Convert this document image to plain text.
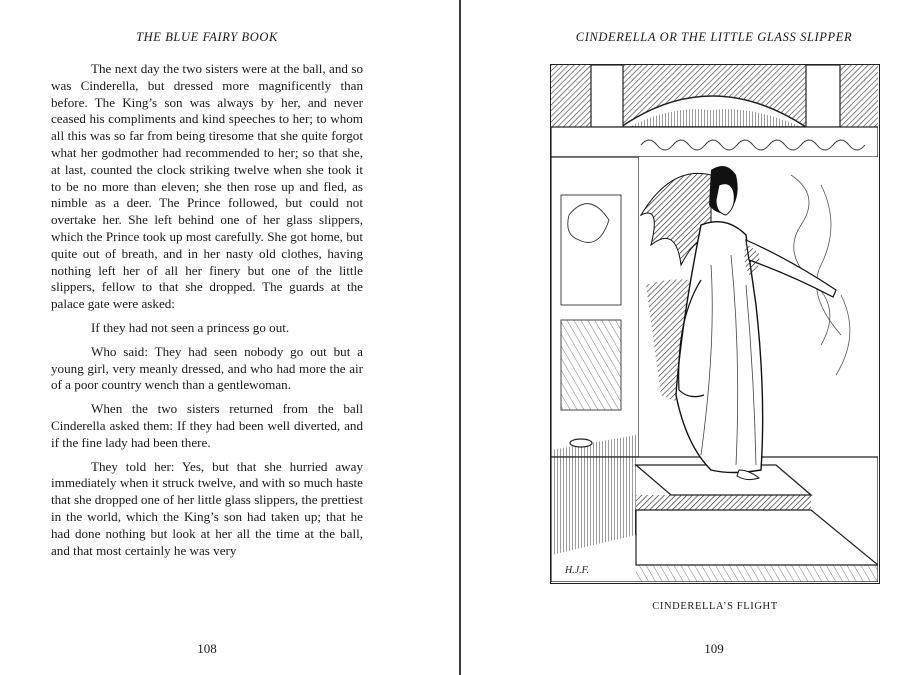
THE BLUE FAIRY BOOK

The next day the two sisters were at the ball, and so was Cinderella, but dressed more magnificently than before. The King’s son was always by her, and never ceased his compliments and kind speeches to her; to whom all this was so far from being tiresome that she quite forgot what her godmother had recommended to her; so that she, at last, counted the clock striking twelve when she took it to be no more than eleven; she then rose up and fled, as nimble as a deer. The Prince followed, but could not overtake her. She left behind one of her glass slippers, which the Prince took up most carefully. She got home, but quite out of breath, and in her nasty old clothes, having nothing left her of all her finery but one of the little slippers, fellow to that she dropped. The guards at the palace gate were asked:

If they had not seen a princess go out.

Who said: They had seen nobody go out but a young girl, very meanly dressed, and who had more the air of a poor country wench than a gentlewoman.

When the two sisters returned from the ball Cinderella asked them: If they had been well diverted, and if the fine lady had been there.

They told her: Yes, but that she hurried away immediately when it struck twelve, and with so much haste that she dropped one of her little glass slippers, the prettiest in the world, which the King’s son had taken up; that he had done nothing but look at her all the time at the ball, and that most certainly he was very

108
CINDERELLA OR THE LITTLE GLASS SLIPPER
H.J.F.
CINDERELLA’S FLIGHT
109
